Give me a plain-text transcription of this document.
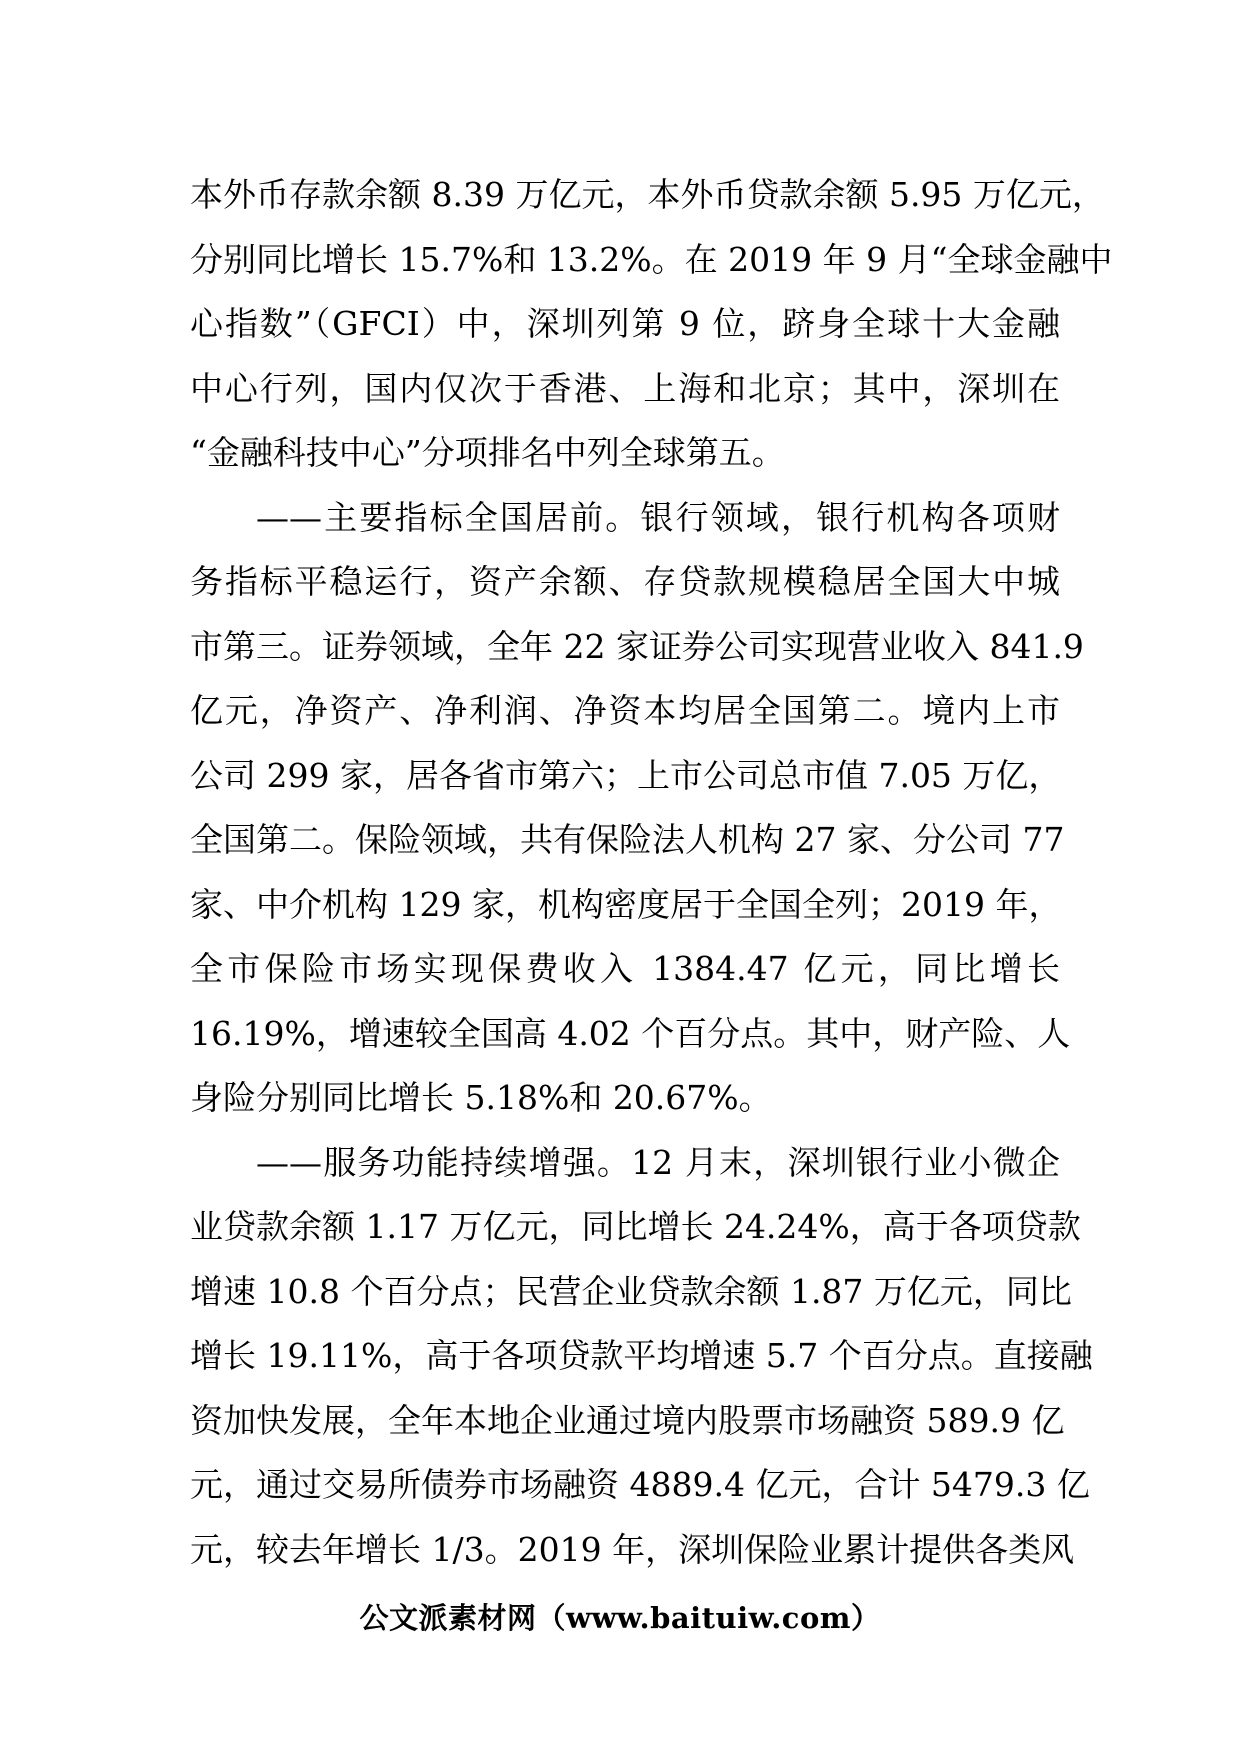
本外币存款余额 8.39 万亿元，本外币贷款余额 5.95 万亿元，
分别同比增长 15.7%和 13.2%。在 2019 年 9 月“全球金融中
心指数”（GFCI）中，深圳列第 9 位，跻身全球十大金融
中心行列，国内仅次于香港、上海和北京；其中，深圳在
“金融科技中心”分项排名中列全球第五。
——主要指标全国居前。银行领域，银行机构各项财
务指标平稳运行，资产余额、存贷款规模稳居全国大中城
市第三。证券领域，全年 22 家证券公司实现营业收入 841.9
亿元，净资产、净利润、净资本均居全国第二。境内上市
公司 299 家，居各省市第六；上市公司总市值 7.05 万亿，
全国第二。保险领域，共有保险法人机构 27 家、分公司 77
家、中介机构 129 家，机构密度居于全国全列；2019 年，
全市保险市场实现保费收入 1384.47 亿元，同比增长
16.19%，增速较全国高 4.02 个百分点。其中，财产险、人
身险分别同比增长 5.18%和 20.67%。
——服务功能持续增强。12 月末，深圳银行业小微企
业贷款余额 1.17 万亿元，同比增长 24.24%，高于各项贷款
增速 10.8 个百分点；民营企业贷款余额 1.87 万亿元，同比
增长 19.11%，高于各项贷款平均增速 5.7 个百分点。直接融
资加快发展，全年本地企业通过境内股票市场融资 589.9 亿
元，通过交易所债券市场融资 4889.4 亿元，合计 5479.3 亿
元，较去年增长 1/3。2019 年，深圳保险业累计提供各类风
公文派素材网（www.baituiw.com）
